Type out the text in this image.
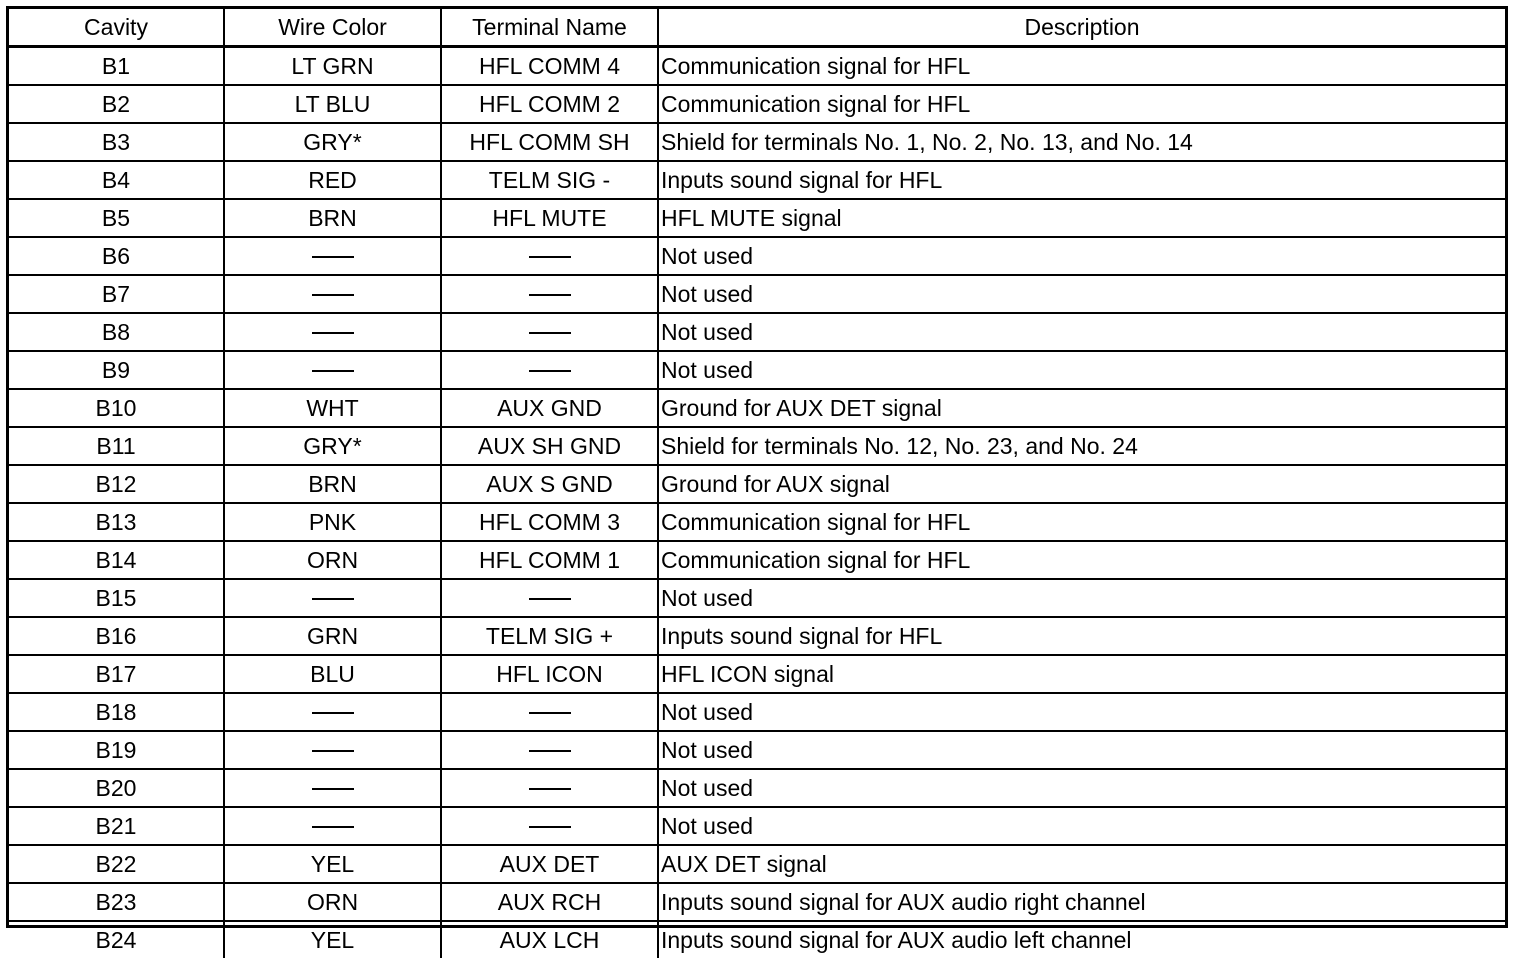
Cavity	Wire Color	Terminal Name	Description
B1	LT GRN	HFL COMM 4	Communication signal for HFL
B2	LT BLU	HFL COMM 2	Communication signal for HFL
B3	GRY*	HFL COMM SH	Shield for terminals No. 1, No. 2, No. 13, and No. 14
B4	RED	TELM SIG -	Inputs sound signal for HFL
B5	BRN	HFL MUTE	HFL MUTE signal
B6			Not used
B7			Not used
B8			Not used
B9			Not used
B10	WHT	AUX GND	Ground for AUX DET signal
B11	GRY*	AUX SH GND	Shield for terminals No. 12, No. 23, and No. 24
B12	BRN	AUX S GND	Ground for AUX signal
B13	PNK	HFL COMM 3	Communication signal for HFL
B14	ORN	HFL COMM 1	Communication signal for HFL
B15			Not used
B16	GRN	TELM SIG +	Inputs sound signal for HFL
B17	BLU	HFL ICON	HFL ICON signal
B18			Not used
B19			Not used
B20			Not used
B21			Not used
B22	YEL	AUX DET	AUX DET signal
B23	ORN	AUX RCH	Inputs sound signal for AUX audio right channel
B24	YEL	AUX LCH	Inputs sound signal for AUX audio left channel
